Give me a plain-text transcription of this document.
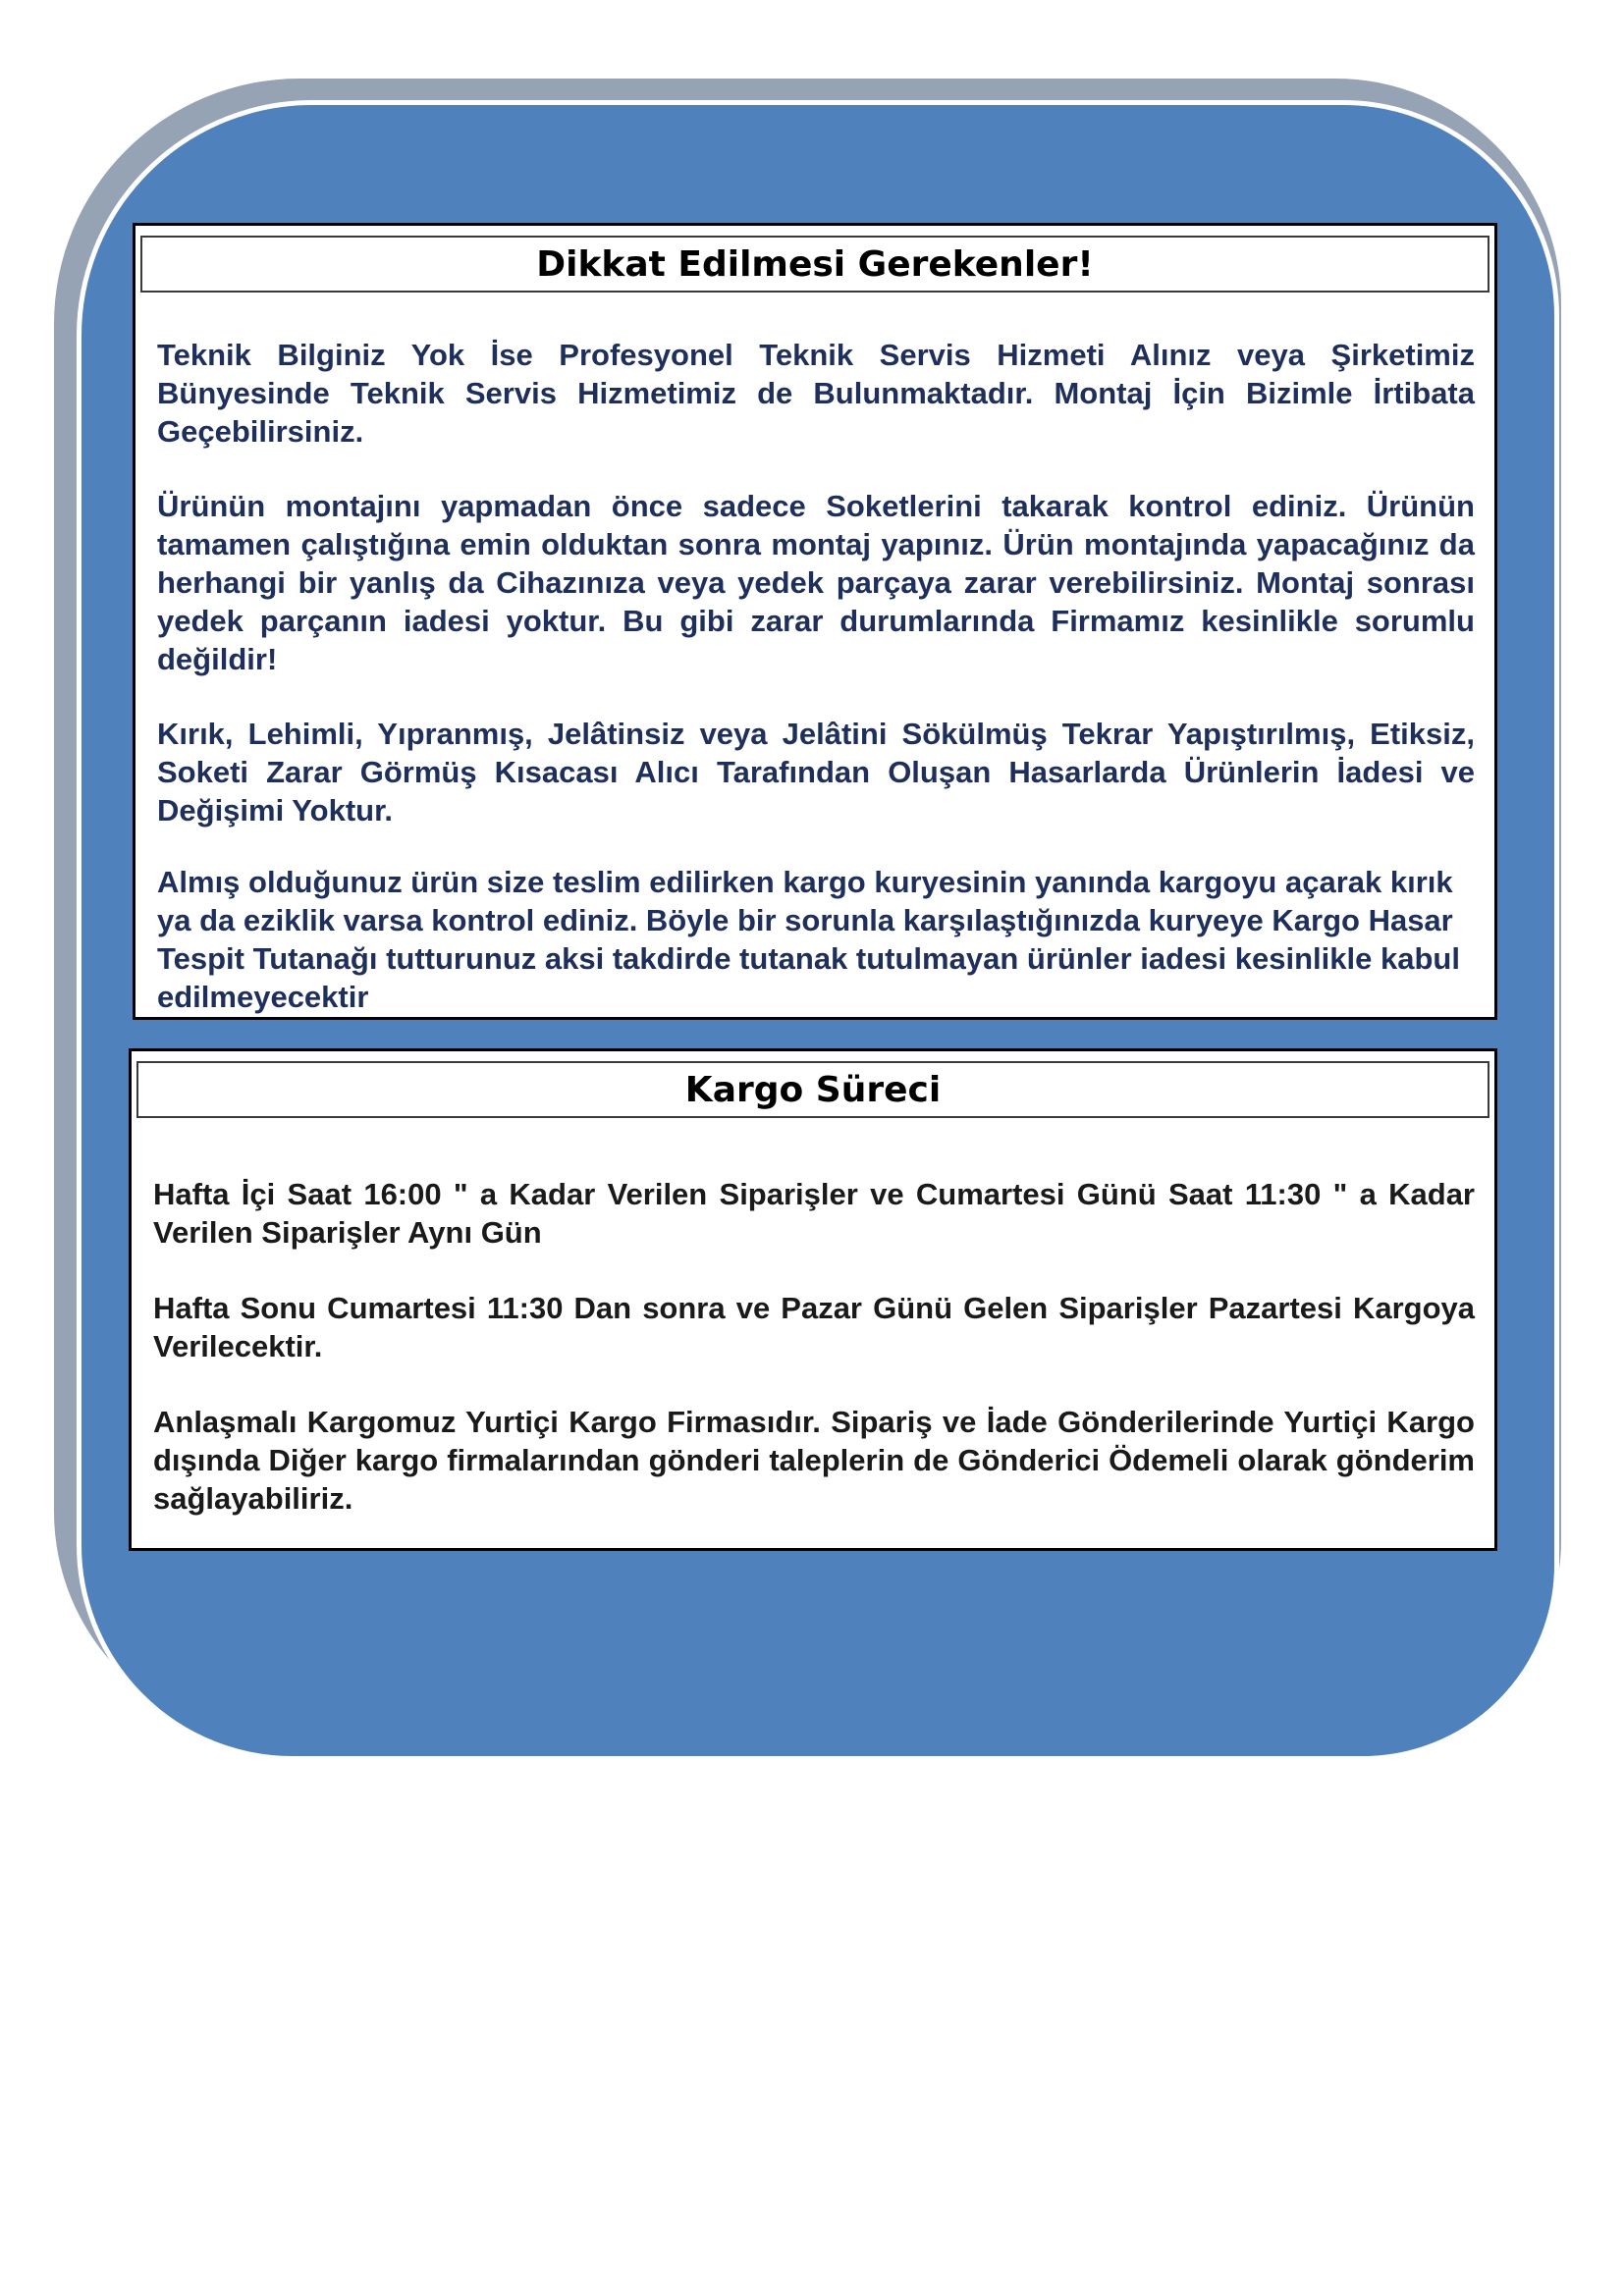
Dikkat Edilmesi Gerekenler!

Teknik Bilginiz Yok İse Profesyonel Teknik Servis Hizmeti Alınız veya Şirketimiz Bünyesinde Teknik Servis Hizmetimiz de Bulunmaktadır. Montaj İçin Bizimle İrtibata Geçebilirsiniz.

Ürünün montajını yapmadan önce sadece Soketlerini takarak kontrol ediniz. Ürünün tamamen çalıştığına emin olduktan sonra montaj yapınız. Ürün montajında yapacağınız da herhangi bir yanlış da Cihazınıza veya yedek parçaya zarar verebilirsiniz. Montaj sonrası yedek parçanın iadesi yoktur. Bu gibi zarar durumlarında Firmamız kesinlikle sorumlu değildir!

Kırık, Lehimli, Yıpranmış, Jelâtinsiz veya Jelâtini Sökülmüş Tekrar Yapıştırılmış, Etiksiz, Soketi Zarar Görmüş Kısacası Alıcı Tarafından Oluşan Hasarlarda Ürünlerin İadesi ve Değişimi Yoktur.

Almış olduğunuz ürün size teslim edilirken kargo kuryesinin yanında kargoyu açarak kırık ya da eziklik varsa kontrol ediniz. Böyle bir sorunla karşılaştığınızda kuryeye Kargo Hasar Tespit Tutanağı tutturunuz aksi takdirde tutanak tutulmayan ürünler iadesi kesinlikle kabul edilmeyecektir

Kargo Süreci

Hafta İçi Saat 16:00 " a Kadar Verilen Siparişler ve Cumartesi Günü Saat 11:30 " a Kadar Verilen Siparişler Aynı Gün

Hafta Sonu Cumartesi 11:30 Dan sonra ve Pazar Günü Gelen Siparişler Pazartesi Kargoya Verilecektir.

Anlaşmalı Kargomuz Yurtiçi Kargo Firmasıdır. Sipariş ve İade Gönderilerinde Yurtiçi Kargo dışında Diğer kargo firmalarından gönderi taleplerin de Gönderici Ödemeli olarak gönderim sağlayabiliriz.
